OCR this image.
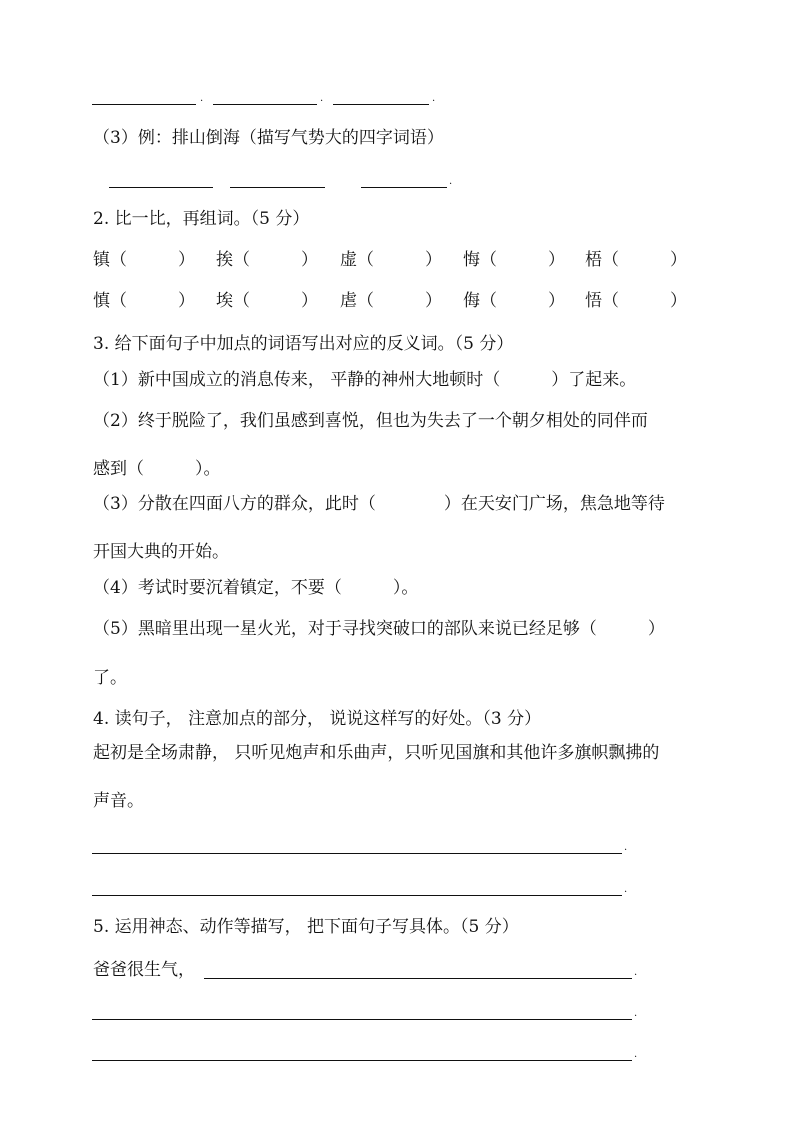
.	.	.
（3）例：排山倒海（描写气势大的四字词语）
.
2. 比一比，再组词。（5 分）
镇（　　　） 挨（　　　） 虚（　　　） 悔（　　　） 梧（　　　）
慎（　　　） 埃（　　　） 虐（　　　） 侮（　　　） 悟（　　　）
3. 给下面句子中加点的词语写出对应的反义词。（5 分）
（1）新中国成立的消息传来， 平静的神州大地顿时（　　　）了起来。
（2）终于脱险了，我们虽感到喜悦，但也为失去了一个朝夕相处的同伴而
感到（　　　）。
（3）分散在四面八方的群众，此时（　　　　）在天安门广场，焦急地等待
开国大典的开始。
（4）考试时要沉着镇定，不要（　　　）。
（5）黑暗里出现一星火光，对于寻找突破口的部队来说已经足够（　　　）
了。
4. 读句子， 注意加点的部分， 说说这样写的好处。（3 分）
起初是全场肃静， 只听见炮声和乐曲声，只听见国旗和其他许多旗帜飘拂的
声音。
.
.
5. 运用神态、动作等描写， 把下面句子写具体。（5 分）
爸爸很生气，	.
.
.
